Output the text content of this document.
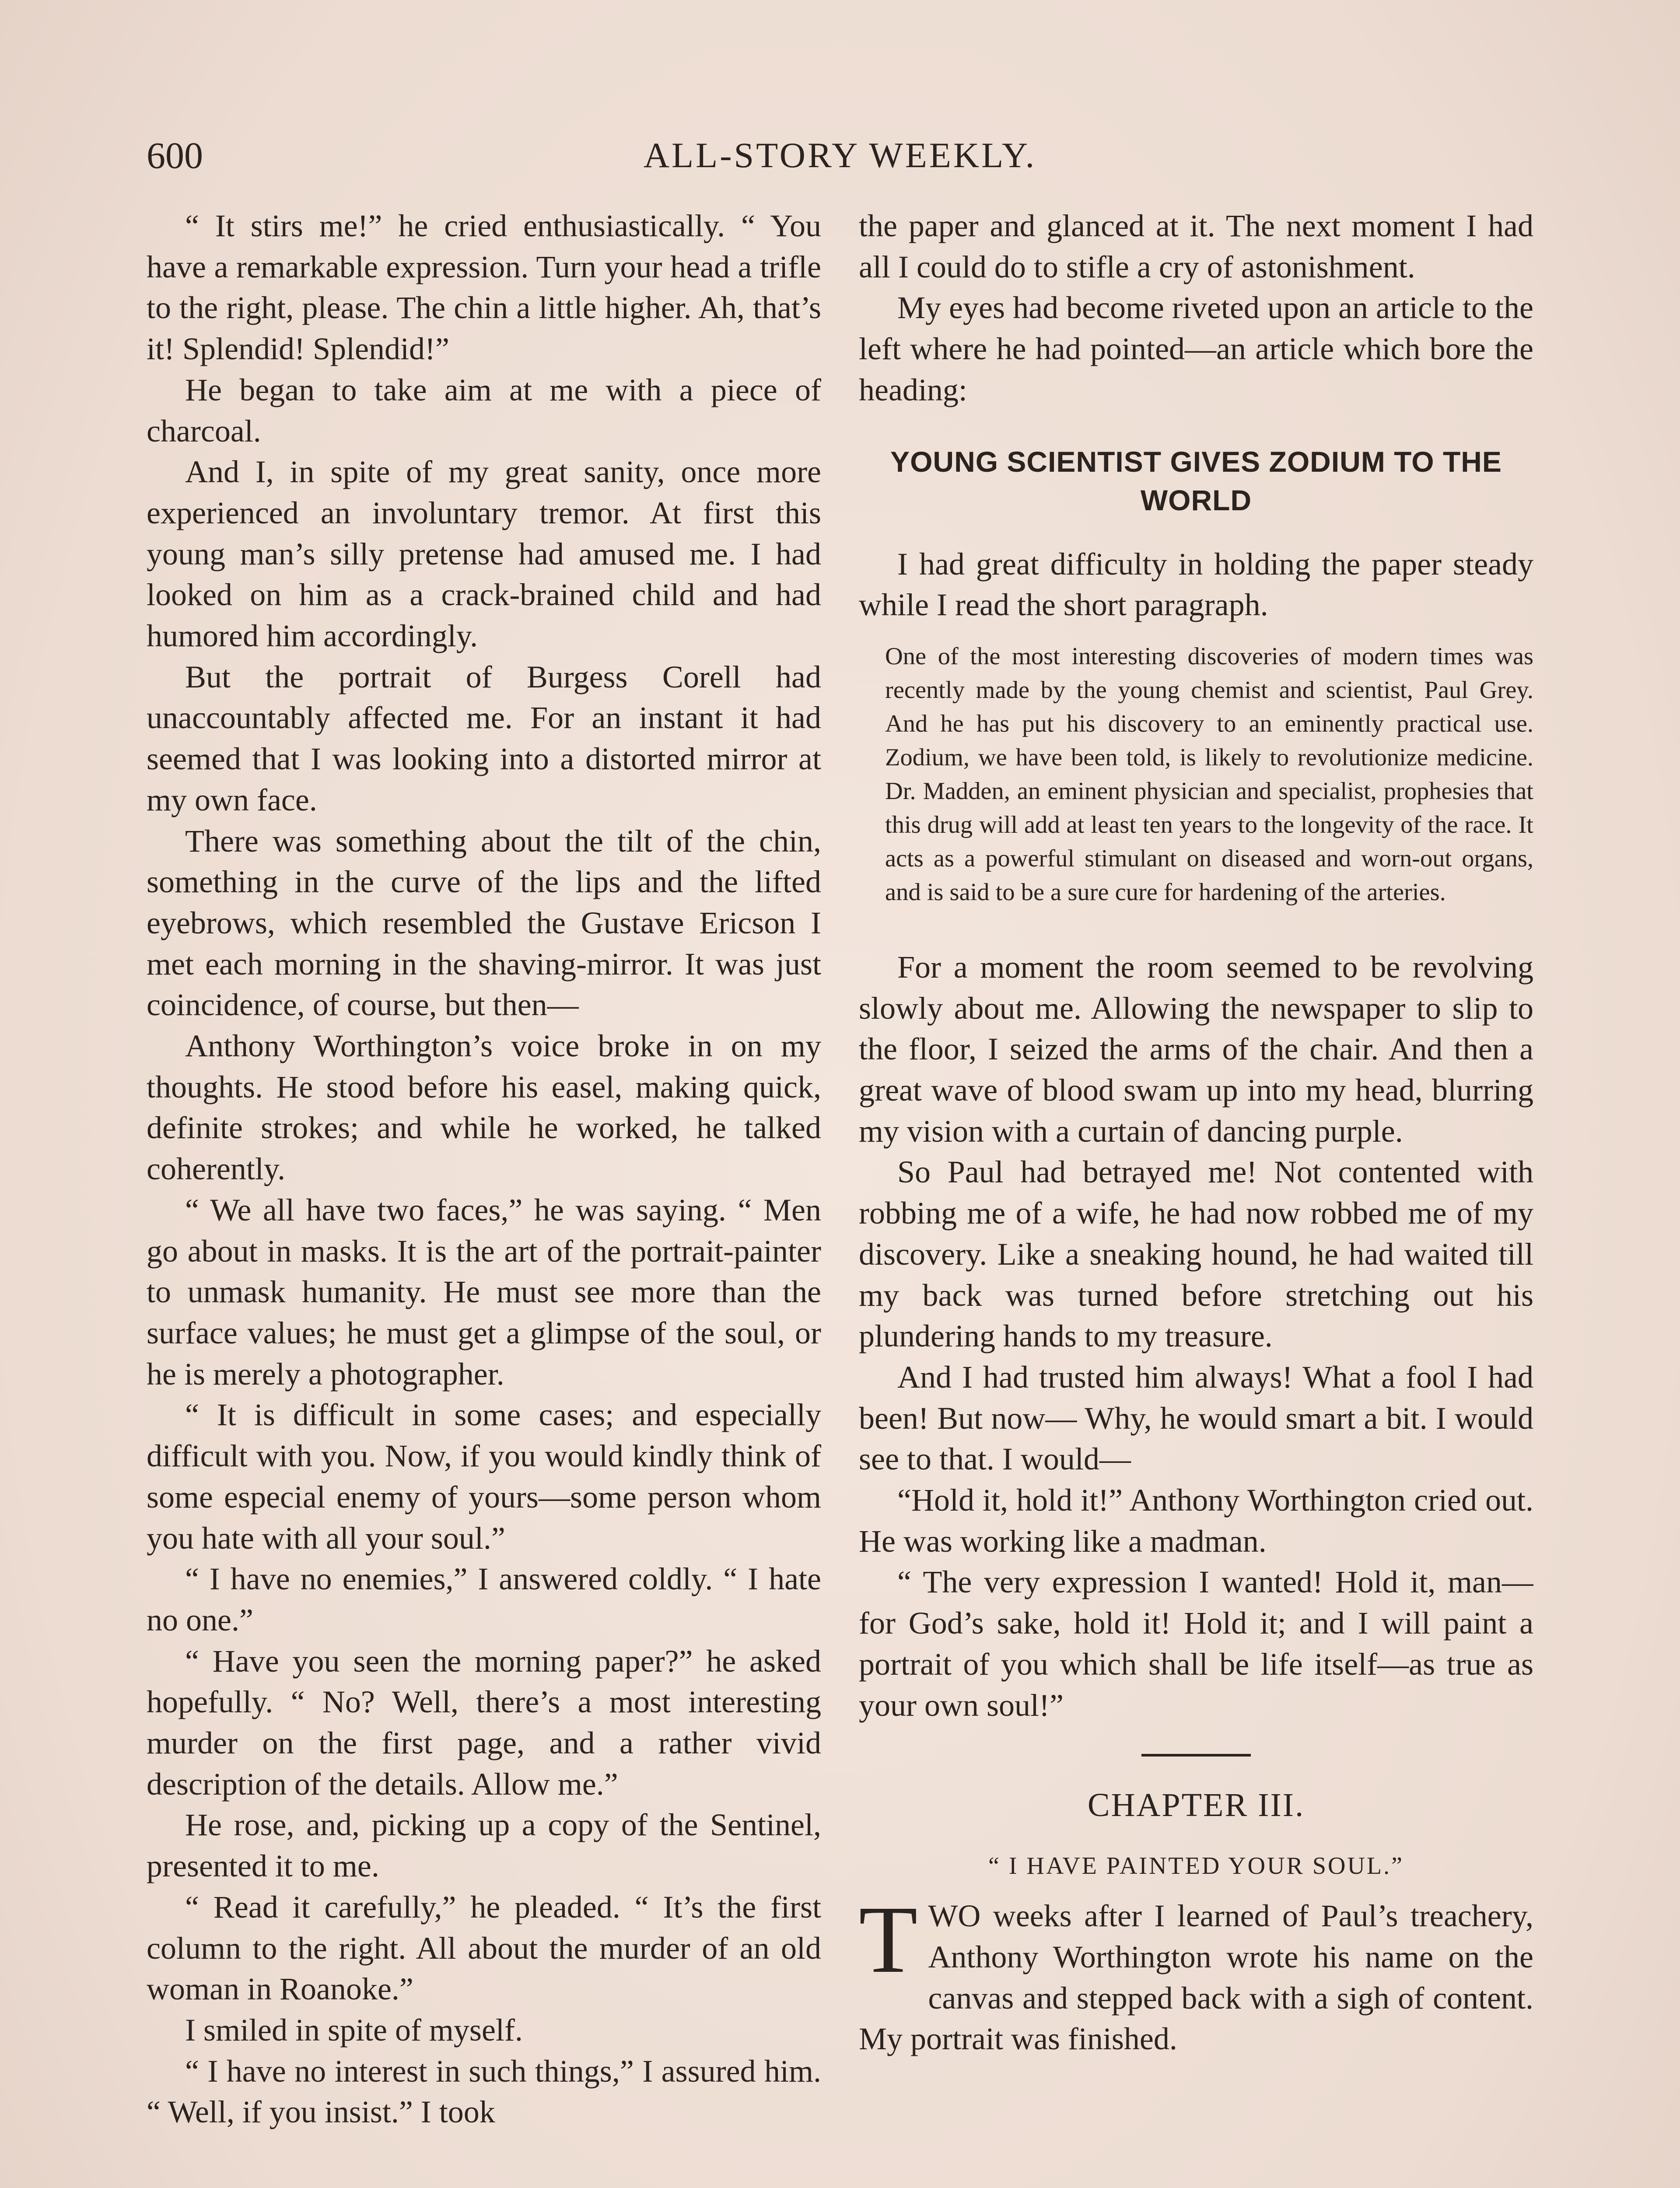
600	ALL-STORY WEEKLY.

“ It stirs me!” he cried enthusiastically. “ You have a remarkable expression. Turn your head a trifle to the right, please. The chin a little higher. Ah, that’s it! Splendid! Splendid!”

He began to take aim at me with a piece of charcoal.

And I, in spite of my great sanity, once more experienced an involuntary tremor. At first this young man’s silly pretense had amused me. I had looked on him as a crack-brained child and had humored him accordingly.

But the portrait of Burgess Corell had unaccountably affected me. For an instant it had seemed that I was looking into a distorted mirror at my own face.

There was something about the tilt of the chin, something in the curve of the lips and the lifted eyebrows, which resembled the Gustave Ericson I met each morning in the shaving-mirror. It was just coincidence, of course, but then—

Anthony Worthington’s voice broke in on my thoughts. He stood before his easel, making quick, definite strokes; and while he worked, he talked coherently.

“ We all have two faces,” he was saying. “ Men go about in masks. It is the art of the portrait-painter to unmask humanity. He must see more than the surface values; he must get a glimpse of the soul, or he is merely a photographer.

“ It is difficult in some cases; and especially difficult with you. Now, if you would kindly think of some especial enemy of yours—some person whom you hate with all your soul.”

“ I have no enemies,” I answered coldly. “ I hate no one.”

“ Have you seen the morning paper?” he asked hopefully. “ No? Well, there’s a most interesting murder on the first page, and a rather vivid description of the details. Allow me.”

He rose, and, picking up a copy of the Sentinel, presented it to me.

“ Read it carefully,” he pleaded. “ It’s the first column to the right. All about the murder of an old woman in Roanoke.”

I smiled in spite of myself.

“ I have no interest in such things,” I assured him. “ Well, if you insist.” I took

the paper and glanced at it. The next moment I had all I could do to stifle a cry of astonishment.

My eyes had become riveted upon an article to the left where he had pointed—an article which bore the heading:

YOUNG SCIENTIST GIVES ZODIUM TO THE WORLD

I had great difficulty in holding the paper steady while I read the short paragraph.

One of the most interesting discoveries of modern times was recently made by the young chemist and scientist, Paul Grey. And he has put his discovery to an eminently practical use. Zodium, we have been told, is likely to revolutionize medicine. Dr. Madden, an eminent physician and specialist, prophesies that this drug will add at least ten years to the longevity of the race. It acts as a powerful stimulant on diseased and worn-out organs, and is said to be a sure cure for hardening of the arteries.

For a moment the room seemed to be revolving slowly about me. Allowing the newspaper to slip to the floor, I seized the arms of the chair. And then a great wave of blood swam up into my head, blurring my vision with a curtain of dancing purple.

So Paul had betrayed me! Not contented with robbing me of a wife, he had now robbed me of my discovery. Like a sneaking hound, he had waited till my back was turned before stretching out his plundering hands to my treasure.

And I had trusted him always! What a fool I had been! But now— Why, he would smart a bit. I would see to that. I would—

“Hold it, hold it!” Anthony Worthington cried out. He was working like a madman.

“ The very expression I wanted! Hold it, man—for God’s sake, hold it! Hold it; and I will paint a portrait of you which shall be life itself—as true as your own soul!”

CHAPTER III.
“ I HAVE PAINTED YOUR SOUL.”

TWO weeks after I learned of Paul’s treachery, Anthony Worthington wrote his name on the canvas and stepped back with a sigh of content. My portrait was finished.
